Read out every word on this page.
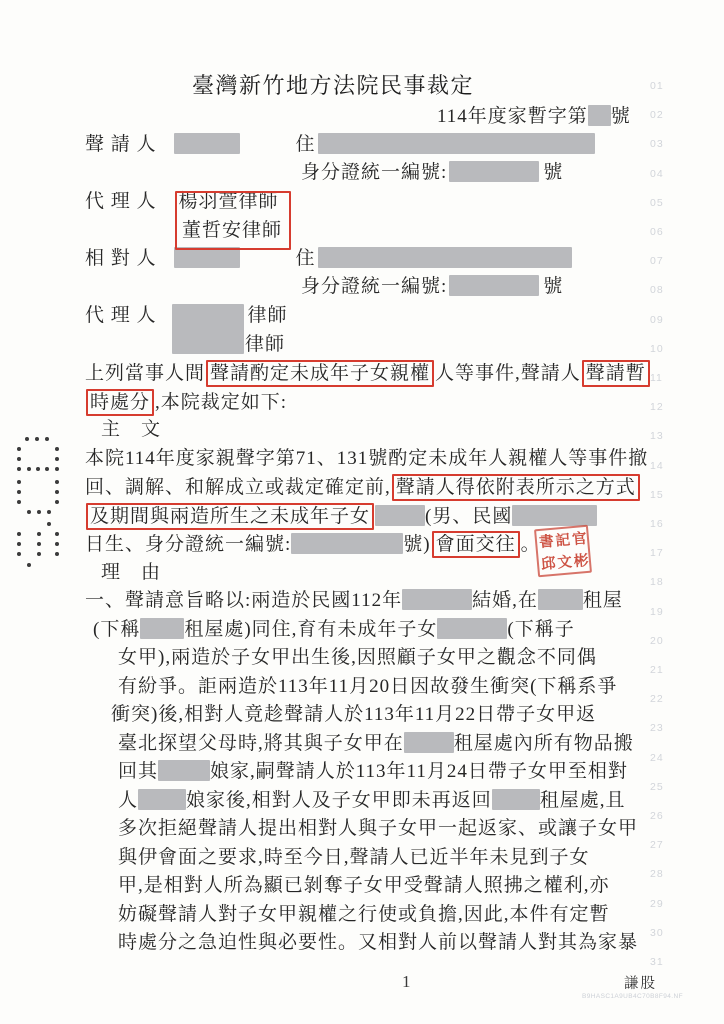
臺灣新竹地方法院民事裁定
114年度家暫字第 號
聲 請 人	住
身分證統一編號:	號
代 理 人 楊羽萱律師
董哲安律師
相 對 人	住
身分證統一編號:	號
代 理 人	律師
律師
上列當事人間 聲請酌定未成年子女親權 人等事件,聲請人 聲請暫
時處分 ,本院裁定如下:
主　文
本院114年度家親聲字第71、131號酌定未成年人親權人等事件撤
回、調解、和解成立或裁定確定前, 聲請人得依附表所示之方式
及期間與兩造所生之未成年子女	(男、民國
日生、身分證統一編號:	號) 會面交往 。
理　由
一、聲請意旨略以:兩造於民國112年	結婚,在 租屋
(下稱 租屋處)同住,育有未成年子女	(下稱子
女甲),兩造於子女甲出生後,因照顧子女甲之觀念不同偶
有紛爭。詎兩造於113年11月20日因故發生衝突(下稱系爭
衝突)後,相對人竟趁聲請人於113年11月22日帶子女甲返
臺北探望父母時,將其與子女甲在	租屋處內所有物品搬
回其	娘家,嗣聲請人於113年11月24日帶子女甲至相對
人	娘家後,相對人及子女甲即未再返回	租屋處,且
多次拒絕聲請人提出相對人與子女甲一起返家、或讓子女甲
與伊會面之要求,時至今日,聲請人已近半年未見到子女
甲,是相對人所為顯已剝奪子女甲受聲請人照拂之權利,亦
妨礙聲請人對子女甲親權之行使或負擔,因此,本件有定暫
時處分之急迫性與必要性。又相對人前以聲請人對其為家暴
01
02
03
04
05
06
07
08
09
10
11
12
13
14
15
16
17
18
19
20
21
22
23
24
25
26
27
28
29
30
31
書記官
邱文彬
1	謙股
B9HASC1A9UB4C70B8F94.NF
